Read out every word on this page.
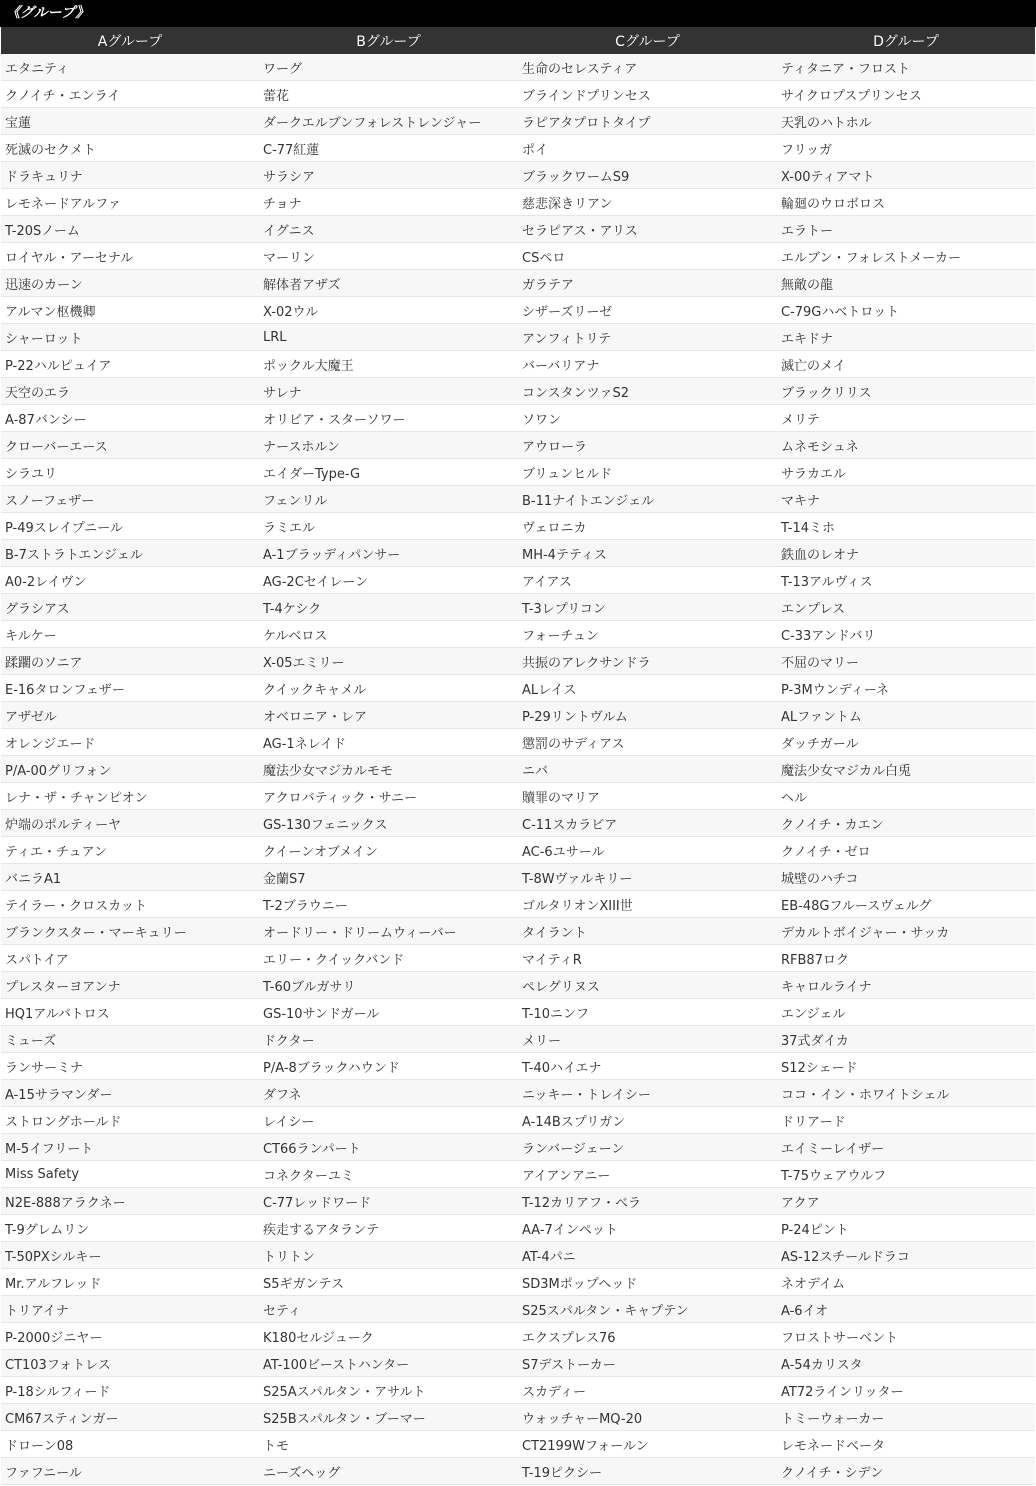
《グループ》
Aグループ	Bグループ	Cグループ	Dグループ
エタニティ	ワーグ	生命のセレスティア	ティタニア・フロスト
クノイチ・エンライ	蕾花	ブラインドプリンセス	サイクロプスプリンセス
宝蓮	ダークエルブンフォレストレンジャー	ラピアタプロトタイプ	天乳のハトホル
死滅のセクメト	C-77紅蓮	ポイ	フリッガ
ドラキュリナ	サラシア	ブラックワームS9	X-00ティアマト
レモネードアルファ	チョナ	慈悲深きリアン	輪廻のウロボロス
T-20Sノーム	イグニス	セラピアス・アリス	エラトー
ロイヤル・アーセナル	マーリン	CSペロ	エルブン・フォレストメーカー
迅速のカーン	解体者アザズ	ガラテア	無敵の龍
アルマン枢機卿	X-02ウル	シザーズリーゼ	C-79Gハベトロット
シャーロット	LRL	アンフィトリテ	エキドナ
P-22ハルピュイア	ポックル大魔王	バーバリアナ	滅亡のメイ
天空のエラ	サレナ	コンスタンツァS2	ブラックリリス
A-87バンシー	オリビア・スターソワー	ソワン	メリテ
クローバーエース	ナースホルン	アウローラ	ムネモシュネ
シラユリ	エイダーType-G	ブリュンヒルド	サラカエル
スノーフェザー	フェンリル	B-11ナイトエンジェル	マキナ
P-49スレイプニール	ラミエル	ヴェロニカ	T-14ミホ
B-7ストラトエンジェル	A-1ブラッディパンサー	MH-4テティス	鉄血のレオナ
A0-2レイヴン	AG-2Cセイレーン	アイアス	T-13アルヴィス
グラシアス	T-4ケシク	T-3レプリコン	エンプレス
キルケー	ケルベロス	フォーチュン	C-33アンドバリ
蹂躙のソニア	X-05エミリー	共振のアレクサンドラ	不屈のマリー
E-16タロンフェザー	クイックキャメル	ALレイス	P-3Mウンディーネ
アザゼル	オベロニア・レア	P-29リントヴルム	ALファントム
オレンジエード	AG-1ネレイド	懲罰のサディアス	ダッチガール
P/A-00グリフォン	魔法少女マジカルモモ	ニバ	魔法少女マジカル白兎
レナ・ザ・チャンピオン	アクロバティック・サニー	贖罪のマリア	ヘル
炉端のポルティーヤ	GS-130フェニックス	C-11スカラビア	クノイチ・カエン
ティエ・チュアン	クイーンオブメイン	AC-6ユサール	クノイチ・ゼロ
バニラA1	金蘭S7	T-8Wヴァルキリー	城壁のハチコ
テイラー・クロスカット	T-2ブラウニー	ゴルタリオンXIII世	EB-48Gフルースヴェルグ
ブランクスター・マーキュリー	オードリー・ドリームウィーバー	タイラント	デカルトボイジャー・サッカ
スパトイア	エリー・クイックバンド	マイティR	RFB87ロク
プレスターヨアンナ	T-60ブルガサリ	ペレグリヌス	キャロルライナ
HQ1アルバトロス	GS-10サンドガール	T-10ニンフ	エンジェル
ミューズ	ドクター	メリー	37式ダイカ
ランサーミナ	P/A-8ブラックハウンド	T-40ハイエナ	S12シェード
A-15サラマンダー	ダフネ	ニッキー・トレイシー	ココ・イン・ホワイトシェル
ストロングホールド	レイシー	A-14Bスプリガン	ドリアード
M-5イフリート	CT66ランパート	ランバージェーン	エイミーレイザー
Miss Safety	コネクターユミ	アイアンアニー	T-75ウェアウルフ
N2E-888アラクネー	C-77レッドワード	T-12カリアフ・ベラ	アクア
T-9グレムリン	疾走するアタランテ	AA-7インペット	P-24ピント
T-50PXシルキー	トリトン	AT-4パニ	AS-12スチールドラコ
Mr.アルフレッド	S5ギガンテス	SD3Mポップヘッド	ネオデイム
トリアイナ	セティ	S25スパルタン・キャプテン	A-6イオ
P-2000ジニヤー	K180セルジューク	エクスプレス76	フロストサーベント
CT103フォトレス	AT-100ビーストハンター	S7デストーカー	A-54カリスタ
P-18シルフィード	S25Aスパルタン・アサルト	スカディー	AT72ラインリッター
CM67スティンガー	S25Bスパルタン・ブーマー	ウォッチャーMQ-20	トミーウォーカー
ドローン08	トモ	CT2199Wフォールン	レモネードベータ
ファフニール	ニーズヘッグ	T-19ピクシー	クノイチ・シデン
